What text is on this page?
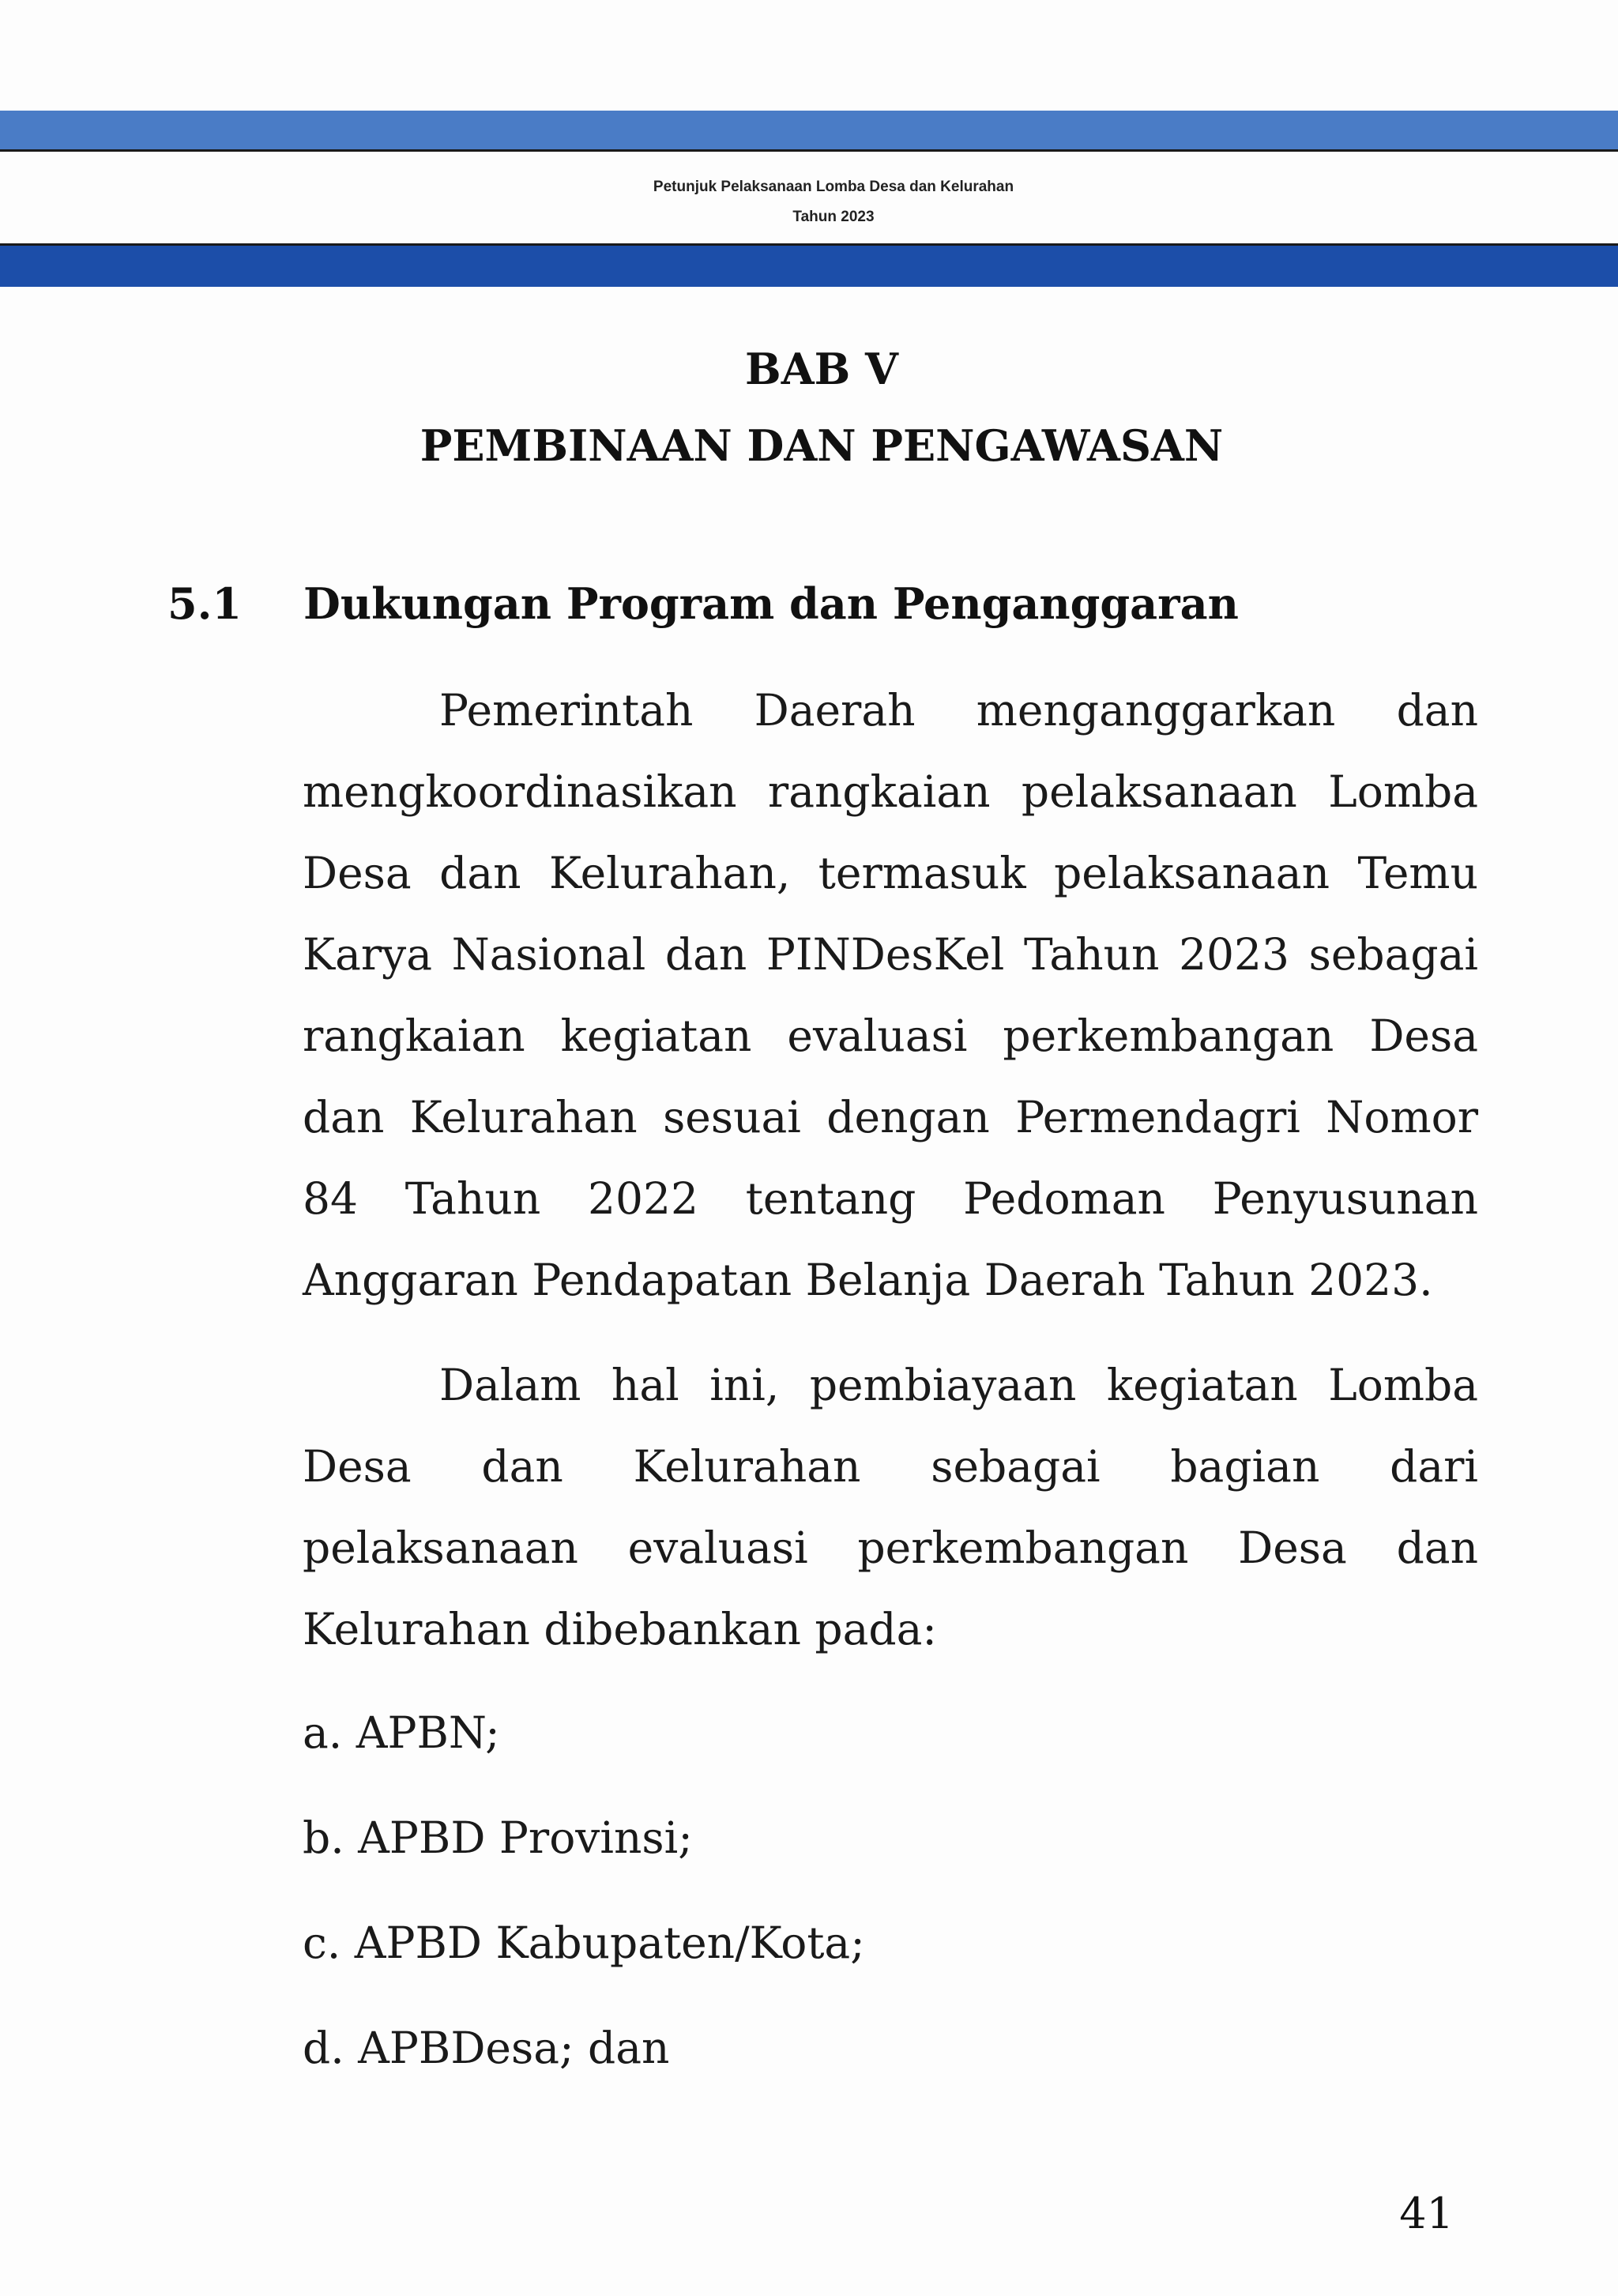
Petunjuk Pelaksanaan Lomba Desa dan Kelurahan
Tahun 2023
BAB V
PEMBINAAN DAN PENGAWASAN
5.1 Dukungan Program dan Penganggaran

Pemerintah Daerah menganggarkan dan mengkoordinasikan rangkaian pelaksanaan Lomba Desa dan Kelurahan, termasuk pelaksanaan Temu Karya Nasional dan PINDesKel Tahun 2023 sebagai rangkaian kegiatan evaluasi perkembangan Desa dan Kelurahan sesuai dengan Permendagri Nomor 84 Tahun 2022 tentang Pedoman Penyusunan Anggaran Pendapatan Belanja Daerah Tahun 2023.

Dalam hal ini, pembiayaan kegiatan Lomba Desa dan Kelurahan sebagai bagian dari pelaksanaan evaluasi perkembangan Desa dan Kelurahan dibebankan pada:

a. APBN;
b. APBD Provinsi;
c. APBD Kabupaten/Kota;
d. APBDesa; dan
41
